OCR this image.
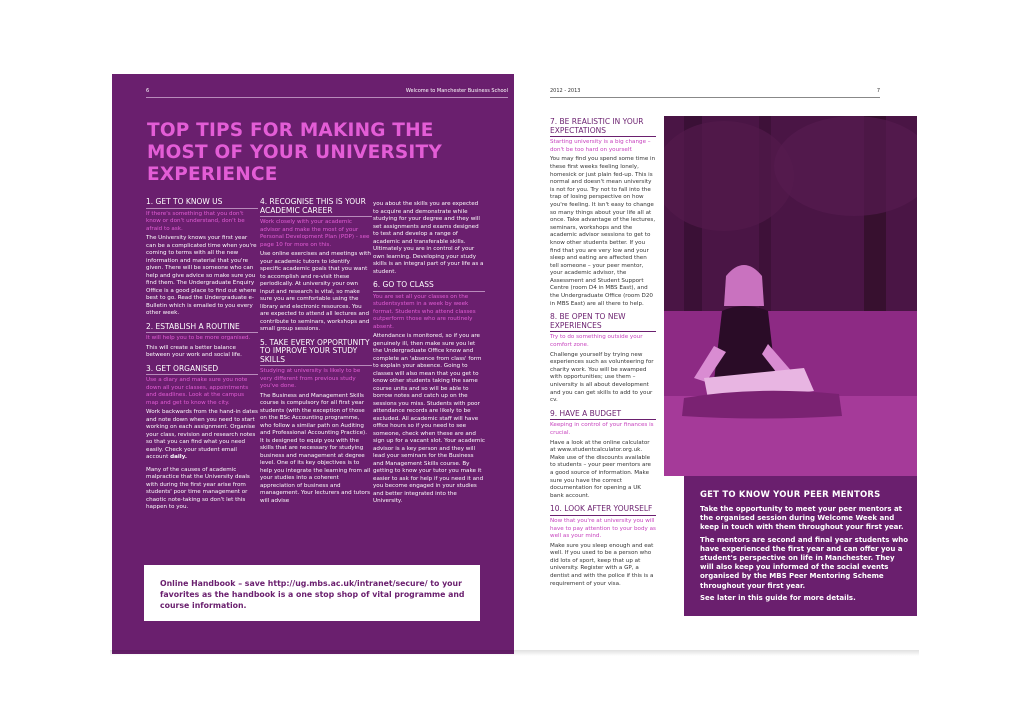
6	Welcome to Manchester Business School
TOP TIPS FOR MAKING THE MOST OF YOUR UNIVERSITY EXPERIENCE
1. GET TO KNOW US
If there's something that you don't know or don't understand, don't be afraid to ask.

The University knows your first year can be a complicated time when you're coming to terms with all the new information and material that you're given. There will be someone who can help and give advice so make sure you find them. The Undergraduate Enquiry Office is a good place to find out where best to go. Read the Undergraduate e-Bulletin which is emailed to you every other week.

2. ESTABLISH A ROUTINE
It will help you to be more organised.

This will create a better balance between your work and social life.

3. GET ORGANISED
Use a diary and make sure you note down all your classes, appointments and deadlines. Look at the campus map and get to know the city.

Work backwards from the hand-in dates and note down when you need to start working on each assignment. Organise your class, revision and research notes so that you can find what you need easily. Check your student email account daily.

Many of the causes of academic malpractice that the University deals with during the first year arise from students' poor time management or chaotic note-taking so don't let this happen to you.

4. RECOGNISE THIS IS YOUR ACADEMIC CAREER
Work closely with your academic advisor and make the most of your Personal Development Plan (PDP) - see page 10 for more on this.

Use online exercises and meetings with your academic tutors to identify specific academic goals that you want to accomplish and re-visit these periodically. At university your own input and research is vital, so make sure you are comfortable using the library and electronic resources. You are expected to attend all lectures and contribute to seminars, workshops and small group sessions.

5. TAKE EVERY OPPORTUNITY TO IMPROVE YOUR STUDY SKILLS
Studying at university is likely to be very different from previous study you've done.

The Business and Management Skills course is compulsory for all first year students (with the exception of those on the BSc Accounting programme, who follow a similar path on Auditing and Professional Accounting Practice). It is designed to equip you with the skills that are necessary for studying business and management at degree level. One of its key objectives is to help you integrate the learning from all your studies into a coherent appreciation of business and management. Your lecturers and tutors will advise

you about the skills you are expected to acquire and demonstrate while studying for your degree and they will set assignments and exams designed to test and develop a range of academic and transferable skills. Ultimately you are in control of your own learning. Developing your study skills is an integral part of your life as a student.

6. GO TO CLASS
You are set all your classes on the studentsystem in a week by week format. Students who attend classes outperform those who are routinely absent.

Attendance is monitored, so if you are genuinely ill, then make sure you let the Undergraduate Office know and complete an 'absence from class' form to explain your absence. Going to classes will also mean that you get to know other students taking the same course units and so will be able to borrow notes and catch up on the sessions you miss. Students with poor attendance records are likely to be excluded. All academic staff will have office hours so if you need to see someone, check when these are and sign up for a vacant slot. Your academic advisor is a key person and they will lead your seminars for the Business and Management Skills course. By getting to know your tutor you make it easier to ask for help if you need it and you become engaged in your studies and better integrated into the University.

Online Handbook – save http://ug.mbs.ac.uk/intranet/secure/ to your favorites as the handbook is a one stop shop of vital programme and course information.

2012 - 2013	7
7. BE REALISTIC IN YOUR EXPECTATIONS
Starting university is a big change – don't be too hard on yourself.

You may find you spend some time in these first weeks feeling lonely, homesick or just plain fed-up. This is normal and doesn't mean university is not for you. Try not to fall into the trap of losing perspective on how you're feeling. It isn't easy to change so many things about your life all at once. Take advantage of the lectures, seminars, workshops and the academic advisor sessions to get to know other students better. If you find that you are very low and your sleep and eating are affected then tell someone – your peer mentor, your academic advisor, the Assessment and Student Support Centre (room D4 in MBS East), and the Undergraduate Office (room D20 in MBS East) are all there to help.

8. BE OPEN TO NEW EXPERIENCES
Try to do something outside your comfort zone.

Challenge yourself by trying new experiences such as volunteering for charity work. You will be swamped with opportunities; use them – university is all about development and you can get skills to add to your cv.

9. HAVE A BUDGET
Keeping in control of your finances is crucial.

Have a look at the online calculator at www.studentcalculator.org.uk. Make use of the discounts available to students – your peer mentors are a good source of information. Make sure you have the correct documentation for opening a UK bank account.

10. LOOK AFTER YOURSELF
Now that you're at university you will have to pay attention to your body as well as your mind.

Make sure you sleep enough and eat well. If you used to be a person who did lots of sport, keep that up at university. Register with a GP, a dentist and with the police if this is a requirement of your visa.

GET TO KNOW YOUR PEER MENTORS

Take the opportunity to meet your peer mentors at the organised session during Welcome Week and keep in touch with them throughout your first year.

The mentors are second and final year students who have experienced the first year and can offer you a student's perspective on life in Manchester. They will also keep you informed of the social events organised by the MBS Peer Mentoring Scheme throughout your first year.

See later in this guide for more details.
